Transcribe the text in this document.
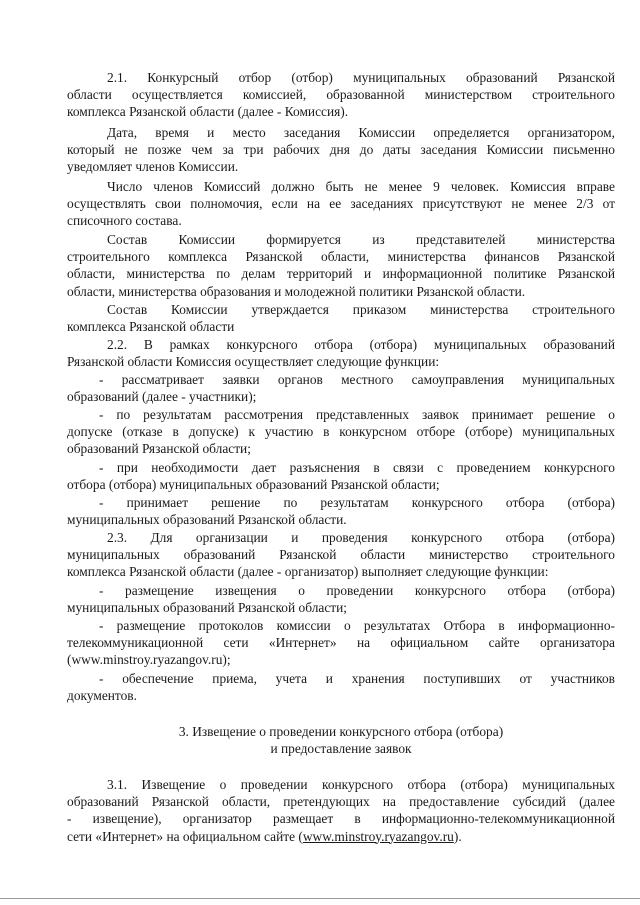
2.1. Конкурсный отбор (отбор) муниципальных образований Рязанской
области осуществляется комиссией, образованной министерством строительного
комплекса Рязанской области (далее - Комиссия).
Дата, время и место заседания Комиссии определяется организатором,
который не позже чем за три рабочих дня до даты заседания Комиссии письменно
уведомляет членов Комиссии.
Число членов Комиссий должно быть не менее 9 человек. Комиссия вправе
осуществлять свои полномочия, если на ее заседаниях присутствуют не менее 2/3 от
списочного состава.
Состав Комиссии формируется из представителей министерства
строительного комплекса Рязанской области, министерства финансов Рязанской
области, министерства по делам территорий и информационной политике Рязанской
области, министерства образования и молодежной политики Рязанской области.
Состав Комиссии утверждается приказом министерства строительного
комплекса Рязанской области
2.2. В рамках конкурсного отбора (отбора) муниципальных образований
Рязанской области Комиссия осуществляет следующие функции:
- рассматривает заявки органов местного самоуправления муниципальных
образований (далее - участники);
- по результатам рассмотрения представленных заявок принимает решение о
допуске (отказе в допуске) к участию в конкурсном отборе (отборе) муниципальных
образований Рязанской области;
- при необходимости дает разъяснения в связи с проведением конкурсного
отбора (отбора) муниципальных образований Рязанской области;
- принимает решение по результатам конкурсного отбора (отбора)
муниципальных образований Рязанской области.
2.3. Для организации и проведения конкурсного отбора (отбора)
муниципальных образований Рязанской области министерство строительного
комплекса Рязанской области (далее - организатор) выполняет следующие функции:
- размещение извещения о проведении конкурсного отбора (отбора)
муниципальных образований Рязанской области;
- размещение протоколов комиссии о результатах Отбора в информационно-
телекоммуникационной сети «Интернет» на официальном сайте организатора
(www.minstroy.ryazangov.ru);
- обеспечение приема, учета и хранения поступивших от участников
документов.
3. Извещение о проведении конкурсного отбора (отбора)
и предоставление заявок
3.1. Извещение о проведении конкурсного отбора (отбора) муниципальных
образований Рязанской области, претендующих на предоставление субсидий (далее
- извещение), организатор размещает в информационно-телекоммуникационной
сети «Интернет» на официальном сайте (www.minstroy.ryazangov.ru).
